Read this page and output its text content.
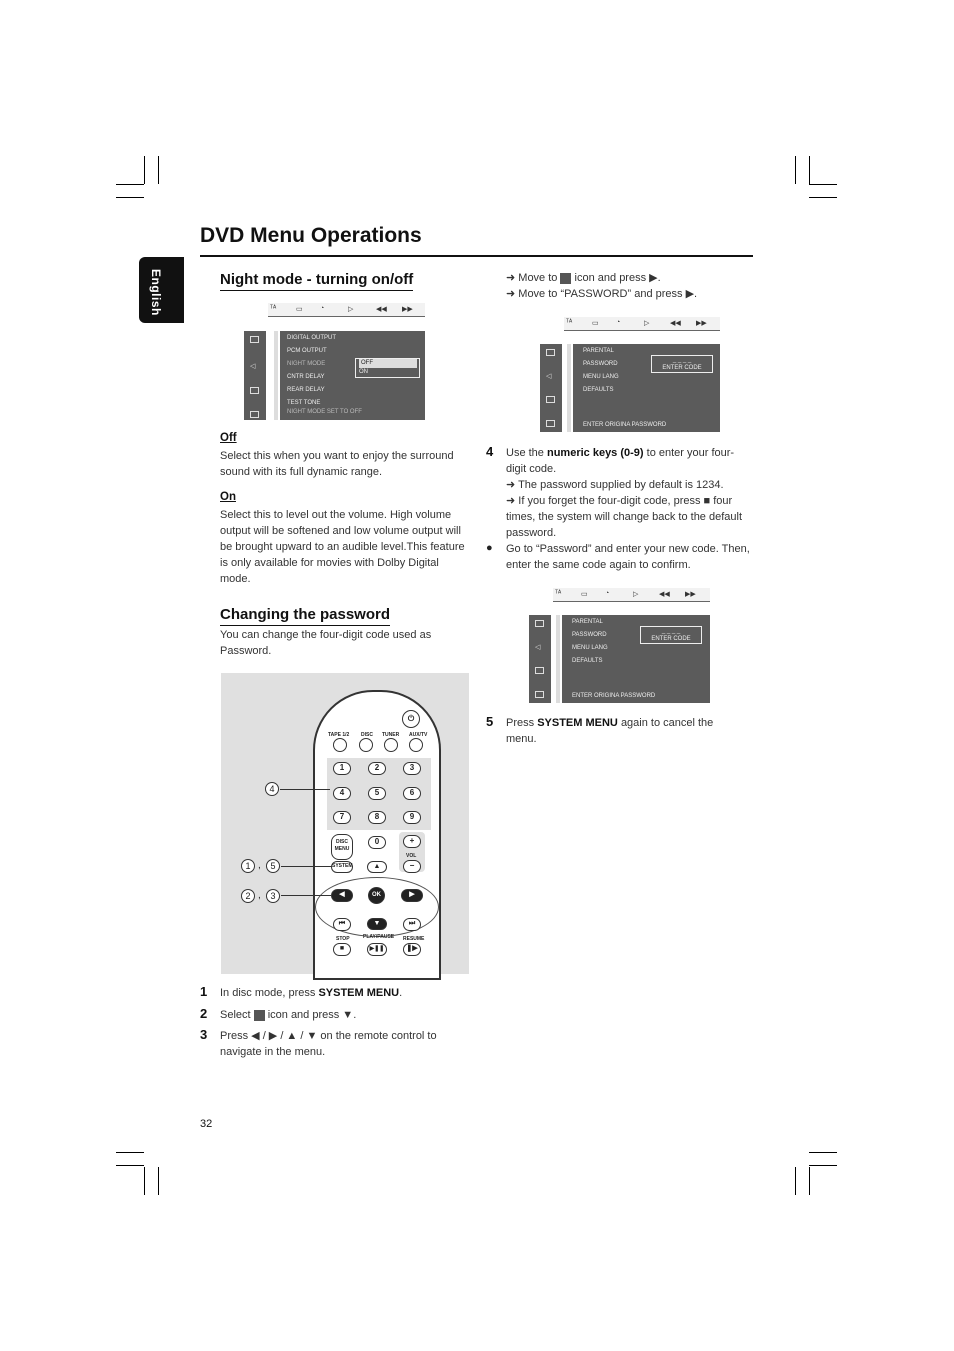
DVD Menu Operations
English	Night mode - turning on/off
ᵀᴬ	▭ ◔	▷	◀◀ ▶▶
◁
DIGITAL OUTPUT
PCM OUTPUT
NIGHT MODE
CNTR DELAY
REAR DELAY
TEST TONE
OFF
ON
NIGHT MODE SET TO OFF
Off
Select this when you want to enjoy the surround sound with its full dynamic range.
On
Select this to level out the volume. High volume output will be softened and low volume output will be brought upward to an audible level.This feature is only available for movies with Dolby Digital mode.
Changing the password
You can change the four-digit code used as Password.
⏻
TAPE 1/2 DISC TUNER AUX/TV
1	2	3
4	5	6
7	8	9
0
DISC MENU
+
VOL
−
SYSTEM	▲
◀	OK	▶
⏮	▼	⏭
STOP	PLAY/PAUSE RESUME
■	▶❚❚	❚▶
4
1 ,	5
2 ,	3
1 In disc mode, press SYSTEM MENU.
2 Select icon and press ▼.
3 Press ◀ / ▶ / ▲ / ▼ on the remote control to navigate in the menu.
32
➜ Move to icon and press ▶.
➜ Move to “PASSWORD” and press ▶.
ᵀᴬ	▭ ◔	▷	◀◀ ▶▶
◁
PARENTAL
PASSWORD
MENU LANG
DEFAULTS
_ _ _ _
ENTER CODE
ENTER ORIGINA PASSWORD
4 Use the numeric keys (0-9) to enter your four-digit code.
➜ The password supplied by default is 1234.
➜ If you forget the four-digit code, press ■ four times, the system will change back to the default password.
● Go to “Password” and enter your new code. Then, enter the same code again to confirm.
ᵀᴬ	▭ ◔	▷	◀◀ ▶▶
◁
PARENTAL
PASSWORD
MENU LANG
DEFAULTS
_ _ _ _
ENTER CODE
ENTER ORIGINA PASSWORD
5 Press SYSTEM MENU again to cancel the menu.
